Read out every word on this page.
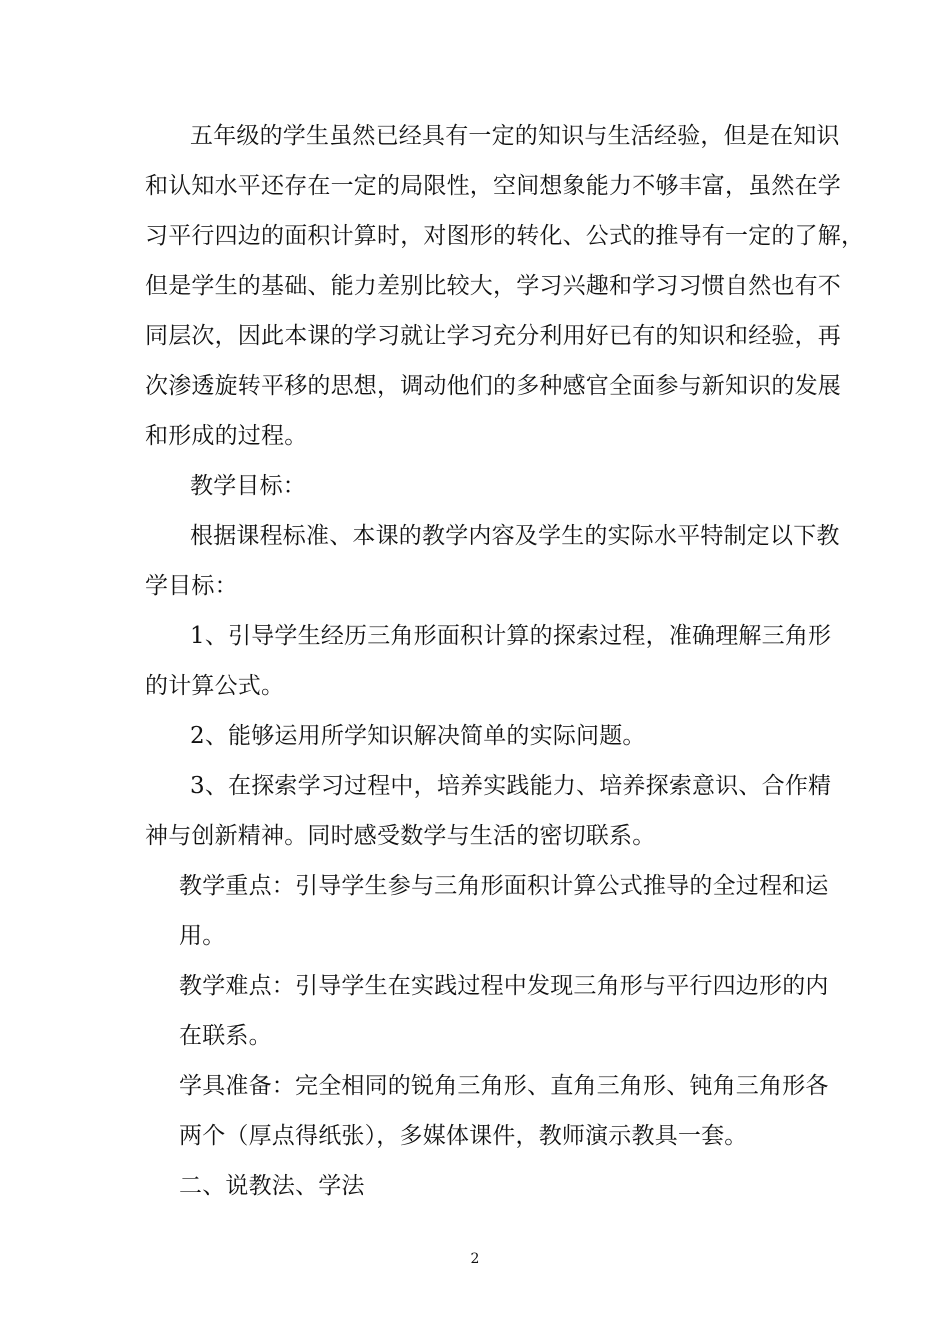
五年级的学生虽然已经具有一定的知识与生活经验，但是在知识
和认知水平还存在一定的局限性，空间想象能力不够丰富，虽然在学
习平行四边的面积计算时，对图形的转化、公式的推导有一定的了解，
但是学生的基础、能力差别比较大，学习兴趣和学习习惯自然也有不
同层次，因此本课的学习就让学习充分利用好已有的知识和经验，再
次渗透旋转平移的思想，调动他们的多种感官全面参与新知识的发展
和形成的过程。
教学目标：
根据课程标准、本课的教学内容及学生的实际水平特制定以下教
学目标：
1、引导学生经历三角形面积计算的探索过程，准确理解三角形
的计算公式。
2、能够运用所学知识解决简单的实际问题。
3、在探索学习过程中，培养实践能力、培养探索意识、合作精
神与创新精神。同时感受数学与生活的密切联系。
教学重点：引导学生参与三角形面积计算公式推导的全过程和运
用。
教学难点：引导学生在实践过程中发现三角形与平行四边形的内
在联系。
学具准备：完全相同的锐角三角形、直角三角形、钝角三角形各
两个（厚点得纸张），多媒体课件，教师演示教具一套。
二、说教法、学法
2
